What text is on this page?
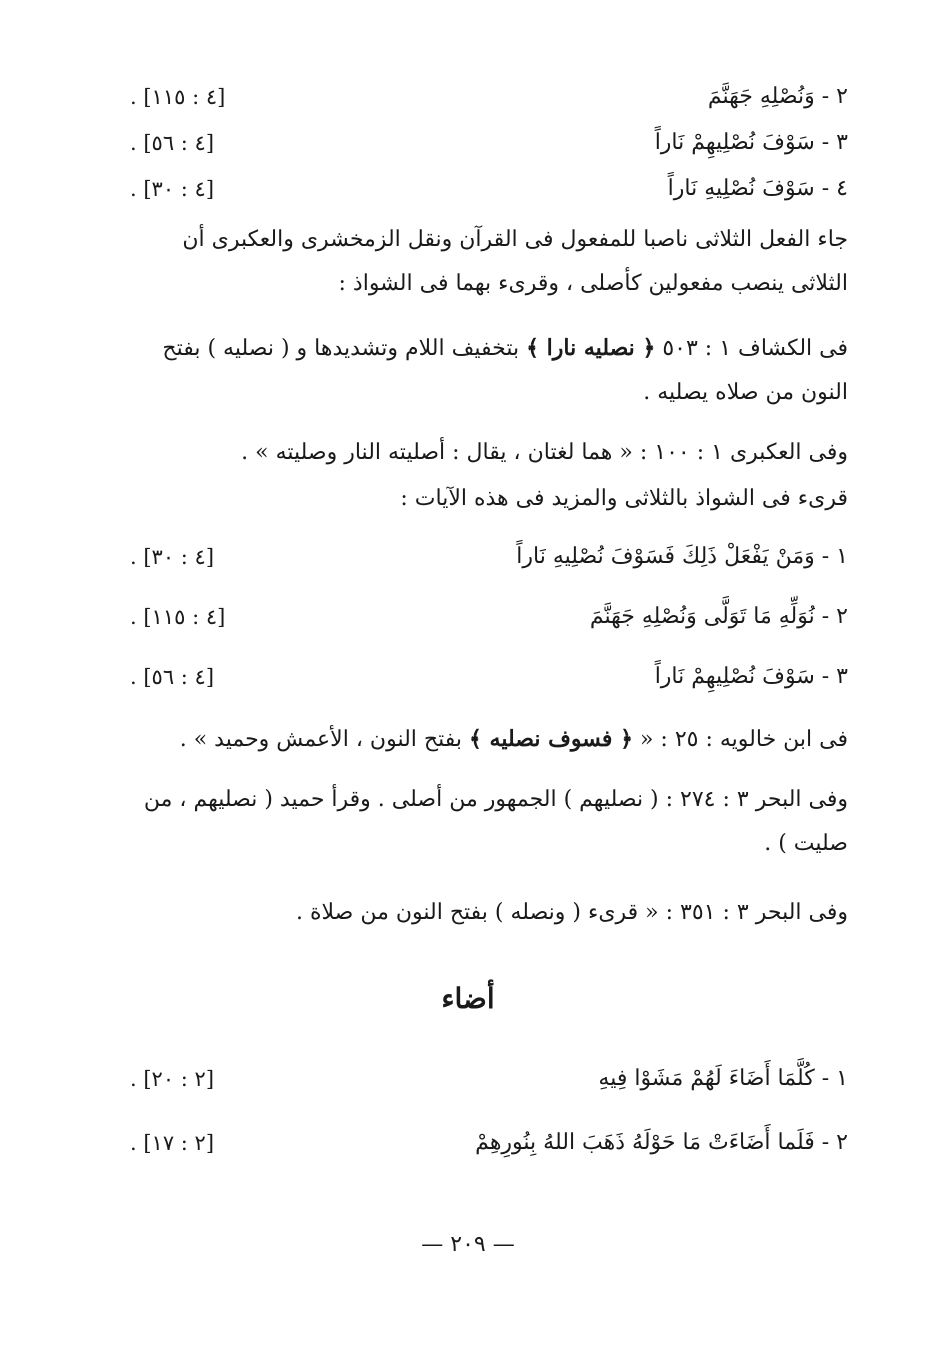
٢ - وَنُصْلِهِ جَهَنَّمَ
[٤ : ١١٥] .
٣ - سَوْفَ نُصْلِيهِمْ نَاراً
[٤ : ٥٦] .
٤ - سَوْفَ نُصْلِيهِ نَاراً
[٤ : ٣٠] .
جاء الفعل الثلاثى ناصبا للمفعول فى القرآن ونقل الزمخشرى والعكبرى أن الثلاثى ينصب مفعولين كأصلى ، وقرىء بهما فى الشواذ :
فى الكشاف ١ : ٥٠٣ ﴿ نصليه نارا ﴾ بتخفيف اللام وتشديدها و ( نصليه ) بفتح النون من صلاه يصليه .
وفى العكبرى ١ : ١٠٠ : « هما لغتان ، يقال : أصليته النار وصليته » .
قرىء فى الشواذ بالثلاثى والمزيد فى هذه الآيات :
١ - وَمَنْ يَفْعَلْ ذَلِكَ فَسَوْفَ نُصْلِيهِ نَاراً
[٤ : ٣٠] .
٢ - نُوَلِّهِ مَا تَوَلَّى وَنُصْلِهِ جَهَنَّمَ
[٤ : ١١٥] .
٣ - سَوْفَ نُصْلِيهِمْ نَاراً
[٤ : ٥٦] .
فى ابن خالويه : ٢٥ : « ﴿ فسوف نصليه ﴾ بفتح النون ، الأعمش وحميد » .
وفى البحر ٣ : ٢٧٤ : ( نصليهم ) الجمهور من أصلى . وقرأ حميد ( نصليهم ، من صليت ) .
وفى البحر ٣ : ٣٥١ : « قرىء ( ونصله ) بفتح النون من صلاة .
أضاء
١ - كُلَّمَا أَضَاءَ لَهُمْ مَشَوْا فِيهِ
[٢ : ٢٠] .
٢ - فَلَما أَضَاءَتْ مَا حَوْلَهُ ذَهَبَ اللهُ بِنُورِهِمْ
[٢ : ١٧] .
— ٢٠٩ —
